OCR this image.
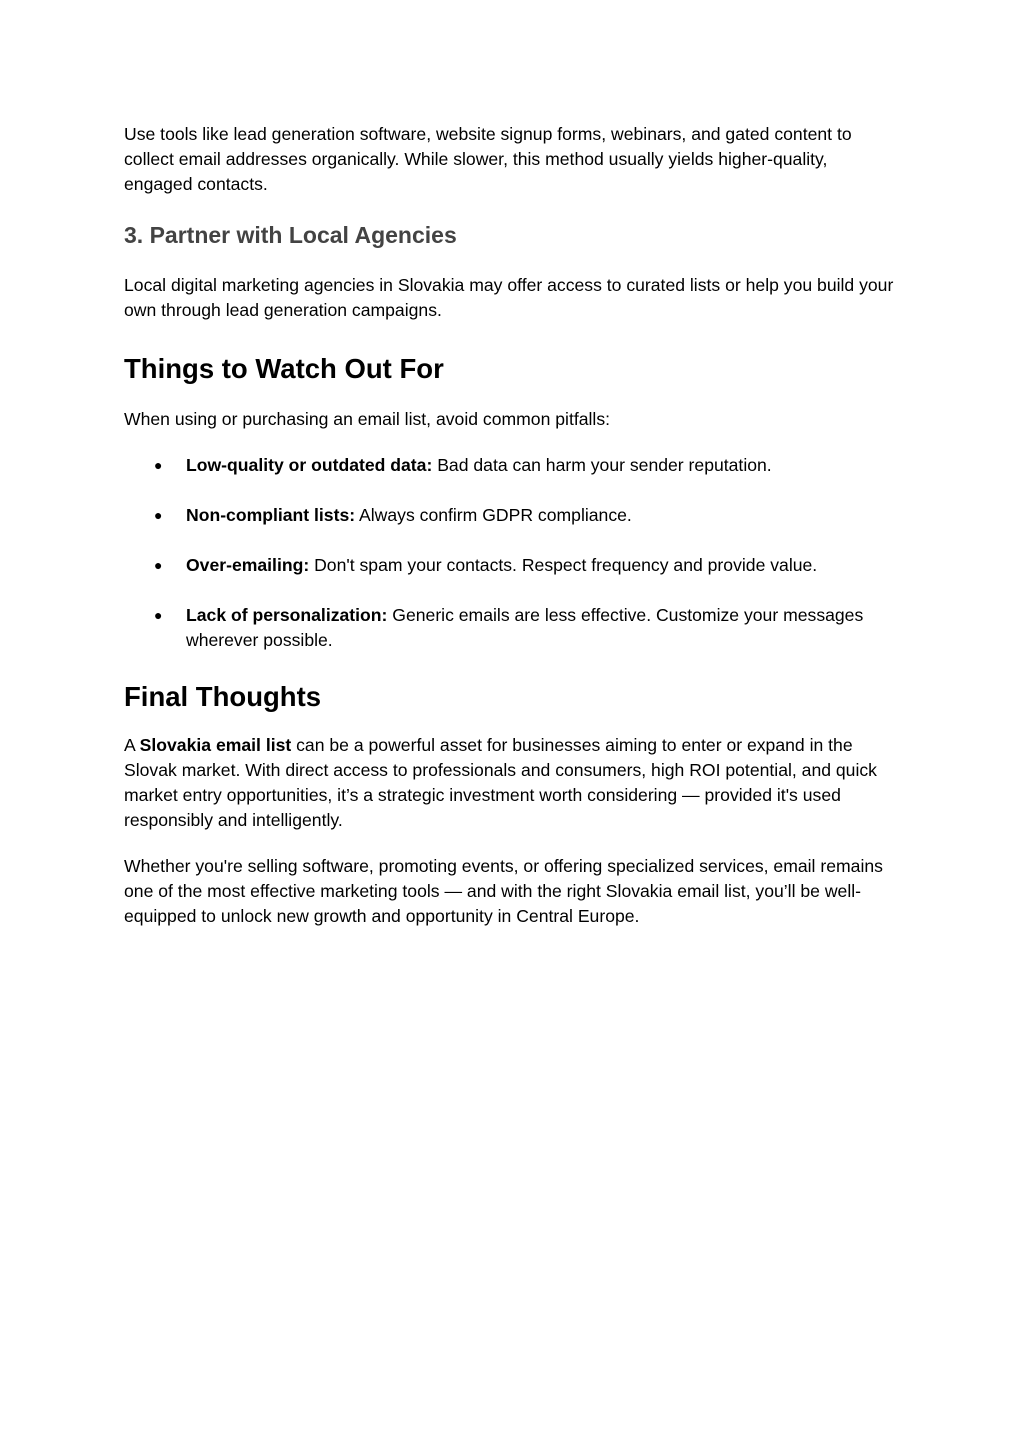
Use tools like lead generation software, website signup forms, webinars, and gated content to collect email addresses organically. While slower, this method usually yields higher-quality, engaged contacts.

3. Partner with Local Agencies

Local digital marketing agencies in Slovakia may offer access to curated lists or help you build your own through lead generation campaigns.

Things to Watch Out For

When using or purchasing an email list, avoid common pitfalls:

● Low-quality or outdated data: Bad data can harm your sender reputation.
● Non-compliant lists: Always confirm GDPR compliance.
● Over-emailing: Don't spam your contacts. Respect frequency and provide value.
● Lack of personalization: Generic emails are less effective. Customize your messages wherever possible.
Final Thoughts

A Slovakia email list can be a powerful asset for businesses aiming to enter or expand in the Slovak market. With direct access to professionals and consumers, high ROI potential, and quick market entry opportunities, it’s a strategic investment worth considering — provided it's used responsibly and intelligently.

Whether you're selling software, promoting events, or offering specialized services, email remains one of the most effective marketing tools — and with the right Slovakia email list, you’ll be well-equipped to unlock new growth and opportunity in Central Europe.
